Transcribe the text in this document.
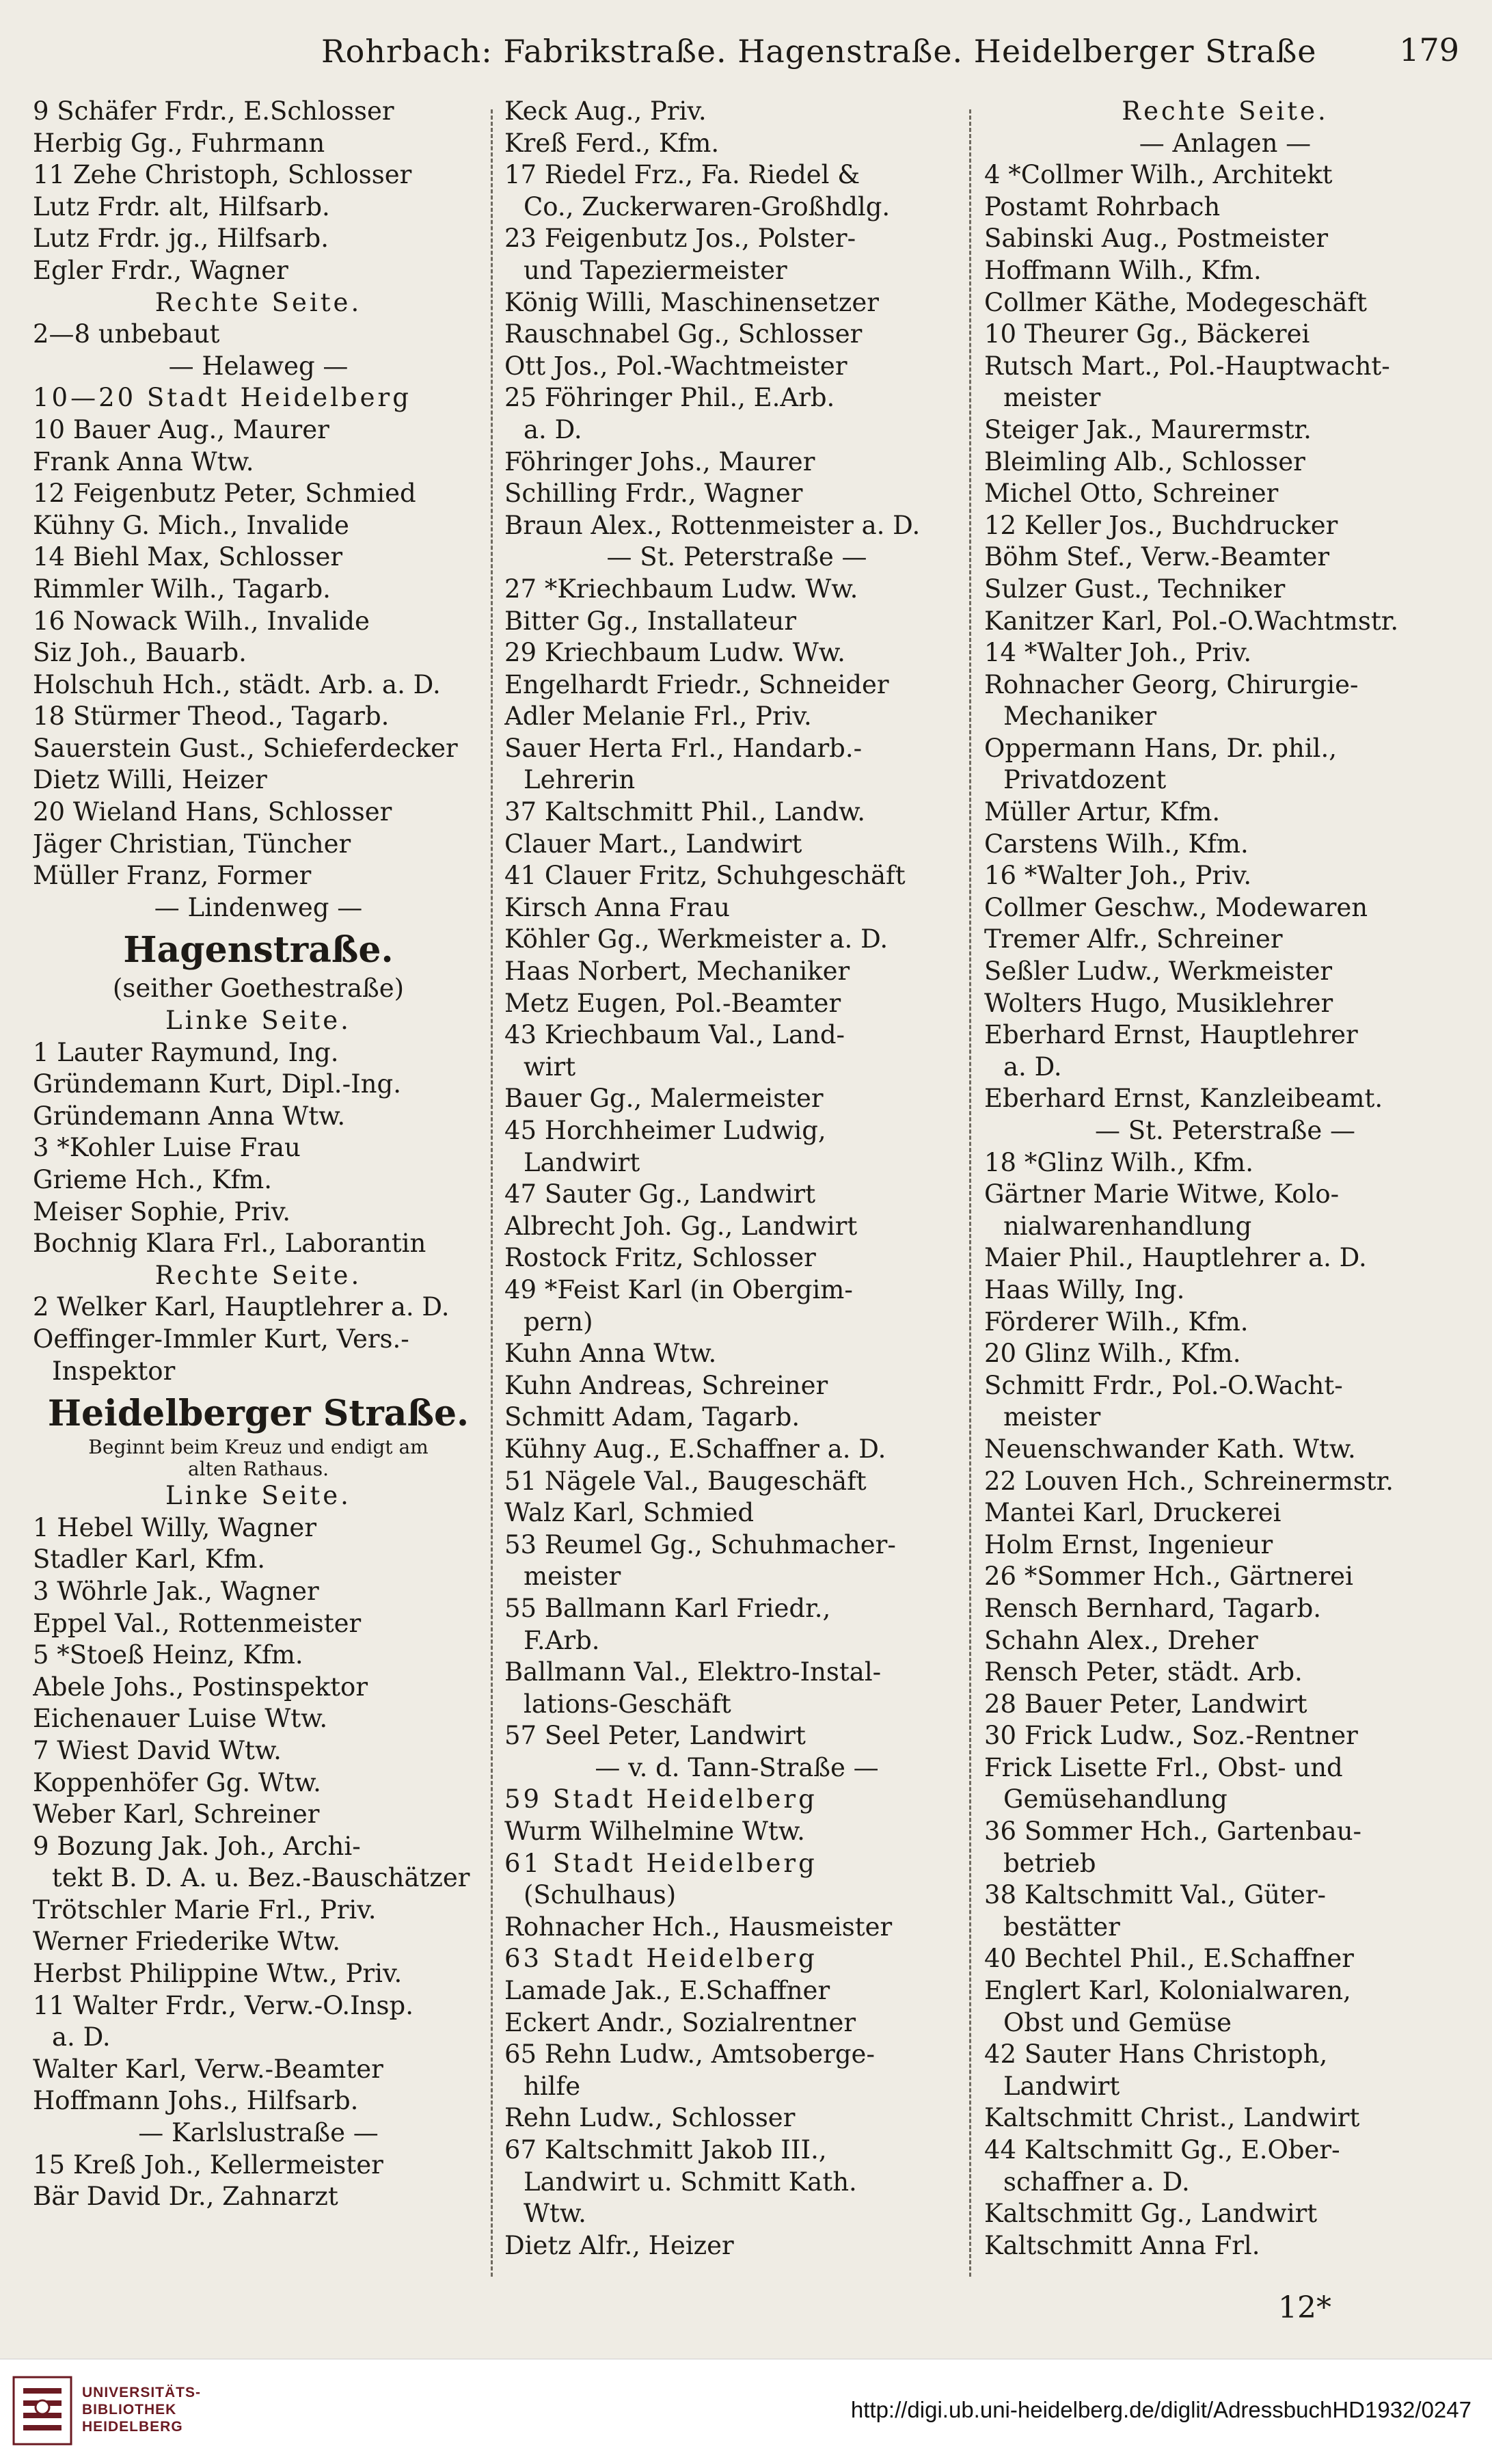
Rohrbach: Fabrikstraße. Hagenstraße. Heidelberger Straße	179
9 Schäfer Frdr., E.Schlosser
Herbig Gg., Fuhrmann
11 Zehe Christoph, Schlosser
Lutz Frdr. alt, Hilfsarb.
Lutz Frdr. jg., Hilfsarb.
Egler Frdr., Wagner
Rechte Seite.
2—8 unbebaut
— Helaweg —
10—20 Stadt Heidelberg
10 Bauer Aug., Maurer
Frank Anna Wtw.
12 Feigenbutz Peter, Schmied
Kühny G. Mich., Invalide
14 Biehl Max, Schlosser
Rimmler Wilh., Tagarb.
16 Nowack Wilh., Invalide
Siz Joh., Bauarb.
Holschuh Hch., städt. Arb. a. D.
18 Stürmer Theod., Tagarb.
Sauerstein Gust., Schieferdecker
Dietz Willi, Heizer
20 Wieland Hans, Schlosser
Jäger Christian, Tüncher
Müller Franz, Former
— Lindenweg —
Hagenstraße.
(seither Goethestraße)
Linke Seite.
1 Lauter Raymund, Ing.
Gründemann Kurt, Dipl.-Ing.
Gründemann Anna Wtw.
3 *Kohler Luise Frau
Grieme Hch., Kfm.
Meiser Sophie, Priv.
Bochnig Klara Frl., Laborantin
Rechte Seite.
2 Welker Karl, Hauptlehrer a. D.
Oeffinger-Immler Kurt, Vers.-
Inspektor
Heidelberger Straße.
Beginnt beim Kreuz und endigt am
alten Rathaus.
Linke Seite.
1 Hebel Willy, Wagner
Stadler Karl, Kfm.
3 Wöhrle Jak., Wagner
Eppel Val., Rottenmeister
5 *Stoeß Heinz, Kfm.
Abele Johs., Postinspektor
Eichenauer Luise Wtw.
7 Wiest David Wtw.
Koppenhöfer Gg. Wtw.
Weber Karl, Schreiner
9 Bozung Jak. Joh., Archi-
tekt B. D. A. u. Bez.-Bauschätzer
Trötschler Marie Frl., Priv.
Werner Friederike Wtw.
Herbst Philippine Wtw., Priv.
11 Walter Frdr., Verw.-O.Insp.
a. D.
Walter Karl, Verw.-Beamter
Hoffmann Johs., Hilfsarb.
— Karlslustraße —
15 Kreß Joh., Kellermeister
Bär David Dr., Zahnarzt
Keck Aug., Priv.
Kreß Ferd., Kfm.
17 Riedel Frz., Fa. Riedel &
Co., Zuckerwaren-Großhdlg.
23 Feigenbutz Jos., Polster-
und Tapeziermeister
König Willi, Maschinensetzer
Rauschnabel Gg., Schlosser
Ott Jos., Pol.-Wachtmeister
25 Föhringer Phil., E.Arb.
a. D.
Föhringer Johs., Maurer
Schilling Frdr., Wagner
Braun Alex., Rottenmeister a. D.
— St. Peterstraße —
27 *Kriechbaum Ludw. Ww.
Bitter Gg., Installateur
29 Kriechbaum Ludw. Ww.
Engelhardt Friedr., Schneider
Adler Melanie Frl., Priv.
Sauer Herta Frl., Handarb.-
Lehrerin
37 Kaltschmitt Phil., Landw.
Clauer Mart., Landwirt
41 Clauer Fritz, Schuhgeschäft
Kirsch Anna Frau
Köhler Gg., Werkmeister a. D.
Haas Norbert, Mechaniker
Metz Eugen, Pol.-Beamter
43 Kriechbaum Val., Land-
wirt
Bauer Gg., Malermeister
45 Horchheimer Ludwig,
Landwirt
47 Sauter Gg., Landwirt
Albrecht Joh. Gg., Landwirt
Rostock Fritz, Schlosser
49 *Feist Karl (in Obergim-
pern)
Kuhn Anna Wtw.
Kuhn Andreas, Schreiner
Schmitt Adam, Tagarb.
Kühny Aug., E.Schaffner a. D.
51 Nägele Val., Baugeschäft
Walz Karl, Schmied
53 Reumel Gg., Schuhmacher-
meister
55 Ballmann Karl Friedr.,
F.Arb.
Ballmann Val., Elektro-Instal-
lations-Geschäft
57 Seel Peter, Landwirt
— v. d. Tann-Straße —
59 Stadt Heidelberg
Wurm Wilhelmine Wtw.
61 Stadt Heidelberg
(Schulhaus)
Rohnacher Hch., Hausmeister
63 Stadt Heidelberg
Lamade Jak., E.Schaffner
Eckert Andr., Sozialrentner
65 Rehn Ludw., Amtsoberge-
hilfe
Rehn Ludw., Schlosser
67 Kaltschmitt Jakob III.,
Landwirt u. Schmitt Kath.
Wtw.
Dietz Alfr., Heizer
Rechte Seite.
— Anlagen —
4 *Collmer Wilh., Architekt
Postamt Rohrbach
Sabinski Aug., Postmeister
Hoffmann Wilh., Kfm.
Collmer Käthe, Modegeschäft
10 Theurer Gg., Bäckerei
Rutsch Mart., Pol.-Hauptwacht-
meister
Steiger Jak., Maurermstr.
Bleimling Alb., Schlosser
Michel Otto, Schreiner
12 Keller Jos., Buchdrucker
Böhm Stef., Verw.-Beamter
Sulzer Gust., Techniker
Kanitzer Karl, Pol.-O.Wachtmstr.
14 *Walter Joh., Priv.
Rohnacher Georg, Chirurgie-
Mechaniker
Oppermann Hans, Dr. phil.,
Privatdozent
Müller Artur, Kfm.
Carstens Wilh., Kfm.
16 *Walter Joh., Priv.
Collmer Geschw., Modewaren
Tremer Alfr., Schreiner
Seßler Ludw., Werkmeister
Wolters Hugo, Musiklehrer
Eberhard Ernst, Hauptlehrer
a. D.
Eberhard Ernst, Kanzleibeamt.
— St. Peterstraße —
18 *Glinz Wilh., Kfm.
Gärtner Marie Witwe, Kolo-
nialwarenhandlung
Maier Phil., Hauptlehrer a. D.
Haas Willy, Ing.
Förderer Wilh., Kfm.
20 Glinz Wilh., Kfm.
Schmitt Frdr., Pol.-O.Wacht-
meister
Neuenschwander Kath. Wtw.
22 Louven Hch., Schreinermstr.
Mantei Karl, Druckerei
Holm Ernst, Ingenieur
26 *Sommer Hch., Gärtnerei
Rensch Bernhard, Tagarb.
Schahn Alex., Dreher
Rensch Peter, städt. Arb.
28 Bauer Peter, Landwirt
30 Frick Ludw., Soz.-Rentner
Frick Lisette Frl., Obst- und
Gemüsehandlung
36 Sommer Hch., Gartenbau-
betrieb
38 Kaltschmitt Val., Güter-
bestätter
40 Bechtel Phil., E.Schaffner
Englert Karl, Kolonialwaren,
Obst und Gemüse
42 Sauter Hans Christoph,
Landwirt
Kaltschmitt Christ., Landwirt
44 Kaltschmitt Gg., E.Ober-
schaffner a. D.
Kaltschmitt Gg., Landwirt
Kaltschmitt Anna Frl.
12*
UNIVERSITÄTS-
BIBLIOTHEK
HEIDELBERG
http://digi.ub.uni-heidelberg.de/diglit/AdressbuchHD1932/0247
